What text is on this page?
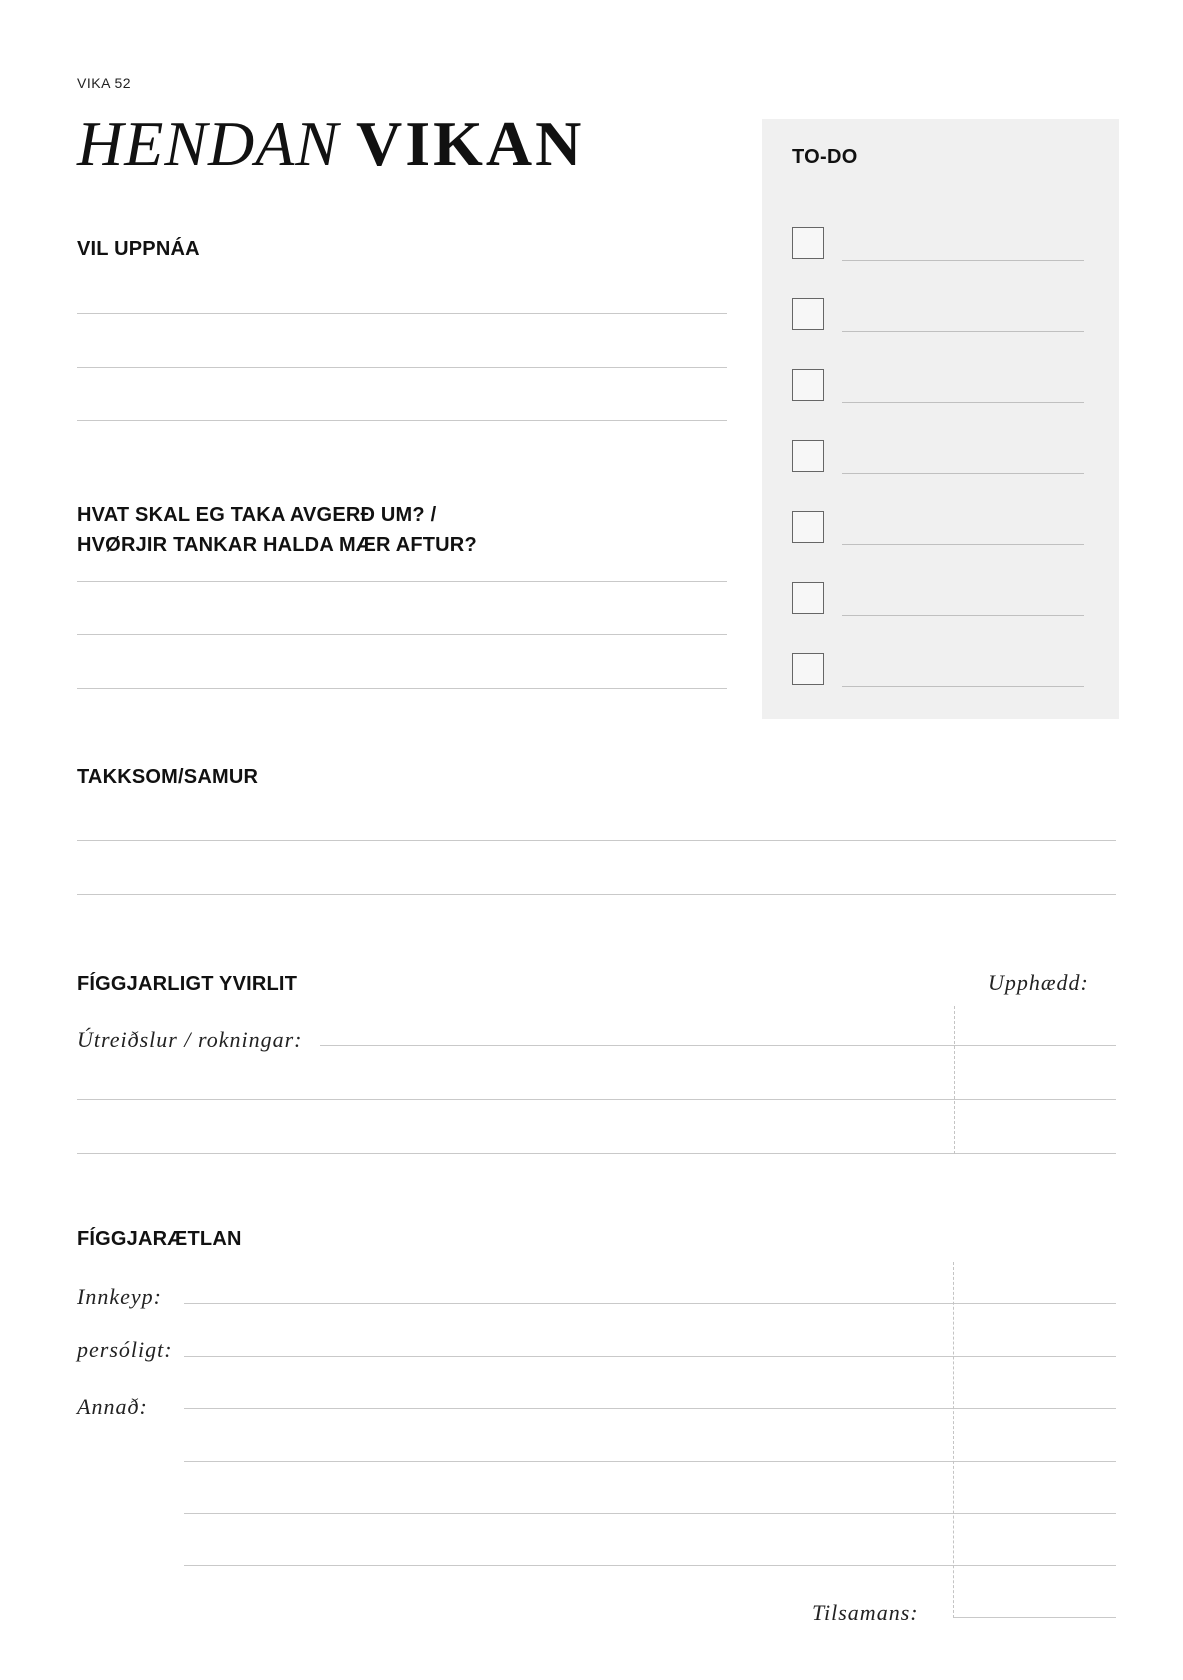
VIKA 52
HENDAN VIKAN
VIL UPPNÁA
HVAT SKAL EG TAKA AVGERÐ UM? /
HVØRJIR TANKAR HALDA MÆR AFTUR?
TO-DO
TAKKSOM/SAMUR
FÍGGJARLIGT YVIRLIT	Upphædd:
Útreiðslur / rokningar:
FÍGGJARÆTLAN
Innkeyp:
persóligt:
Annað:
Tilsamans:
